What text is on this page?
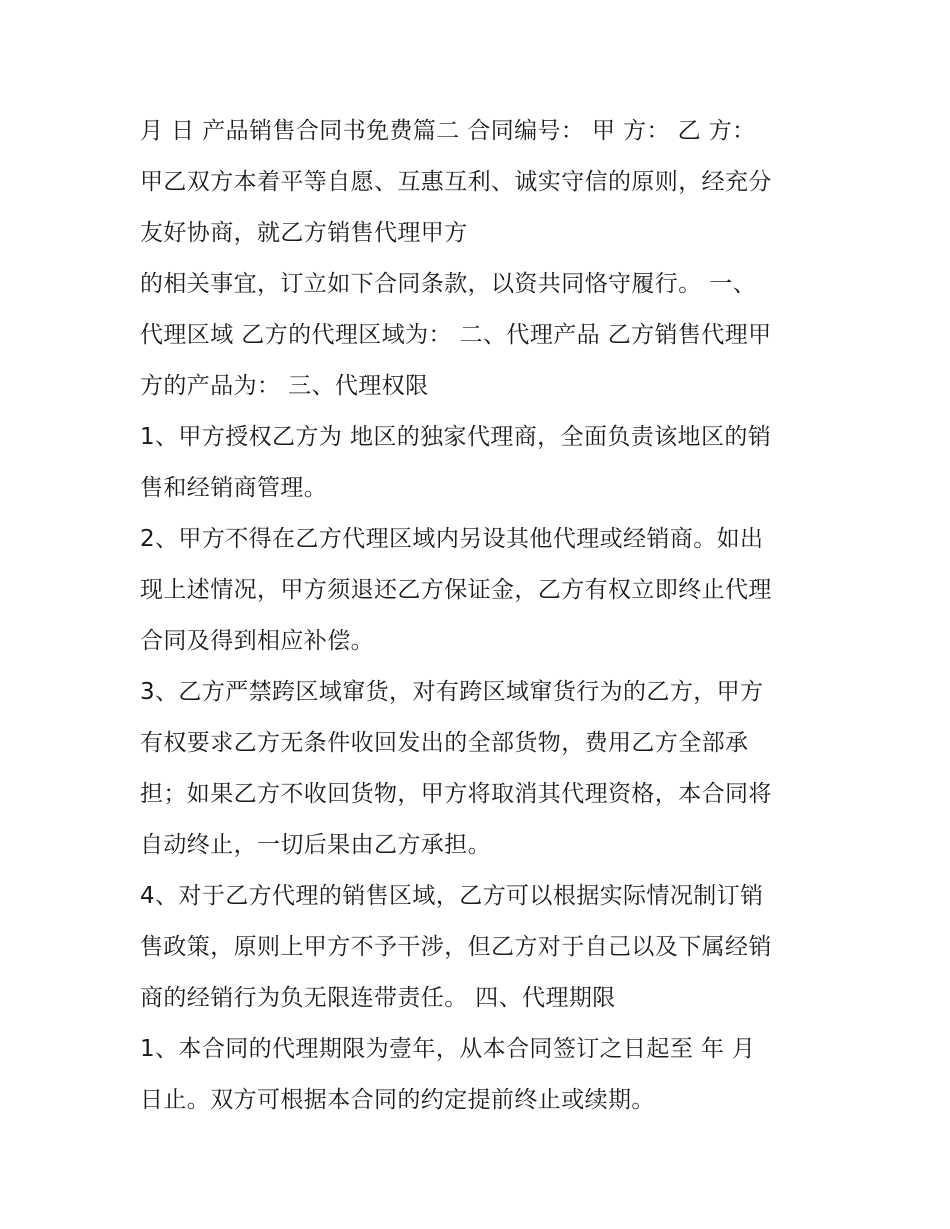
月 日 产品销售合同书免费篇二 合同编号： 甲 方： 乙 方：
甲乙双方本着平等自愿、互惠互利、诚实守信的原则，经充分
友好协商，就乙方销售代理甲方
的相关事宜，订立如下合同条款，以资共同恪守履行。 一、
代理区域 乙方的代理区域为： 二、代理产品 乙方销售代理甲
方的产品为： 三、代理权限
1、甲方授权乙方为 地区的独家代理商，全面负责该地区的销
售和经销商管理。
2、甲方不得在乙方代理区域内另设其他代理或经销商。如出
现上述情况，甲方须退还乙方保证金，乙方有权立即终止代理
合同及得到相应补偿。
3、乙方严禁跨区域窜货，对有跨区域窜货行为的乙方，甲方
有权要求乙方无条件收回发出的全部货物，费用乙方全部承
担；如果乙方不收回货物，甲方将取消其代理资格，本合同将
自动终止，一切后果由乙方承担。
4、对于乙方代理的销售区域，乙方可以根据实际情况制订销
售政策，原则上甲方不予干涉，但乙方对于自己以及下属经销
商的经销行为负无限连带责任。 四、代理期限
1、本合同的代理期限为壹年，从本合同签订之日起至 年 月
日止。双方可根据本合同的约定提前终止或续期。
